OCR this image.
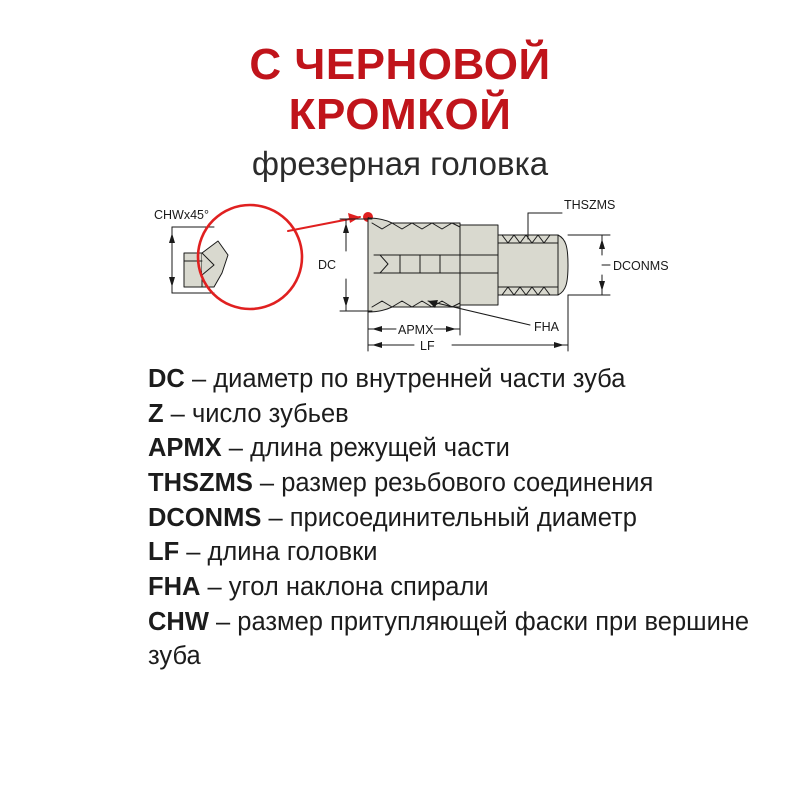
С ЧЕРНОВОЙ
КРОМКОЙ
фрезерная головка
CHWx45°
DC
APMX
LF
THSZMS
DCONMS
FHA

DC – диаметр по внутренней части зуба

Z – число зубьев

APMX – длина режущей части

THSZMS – размер резьбового соединения

DCONMS – присоединительный диаметр

LF – длина головки

FHA – угол наклона спирали

CHW – размер притупляющей фаски при вершине зуба
